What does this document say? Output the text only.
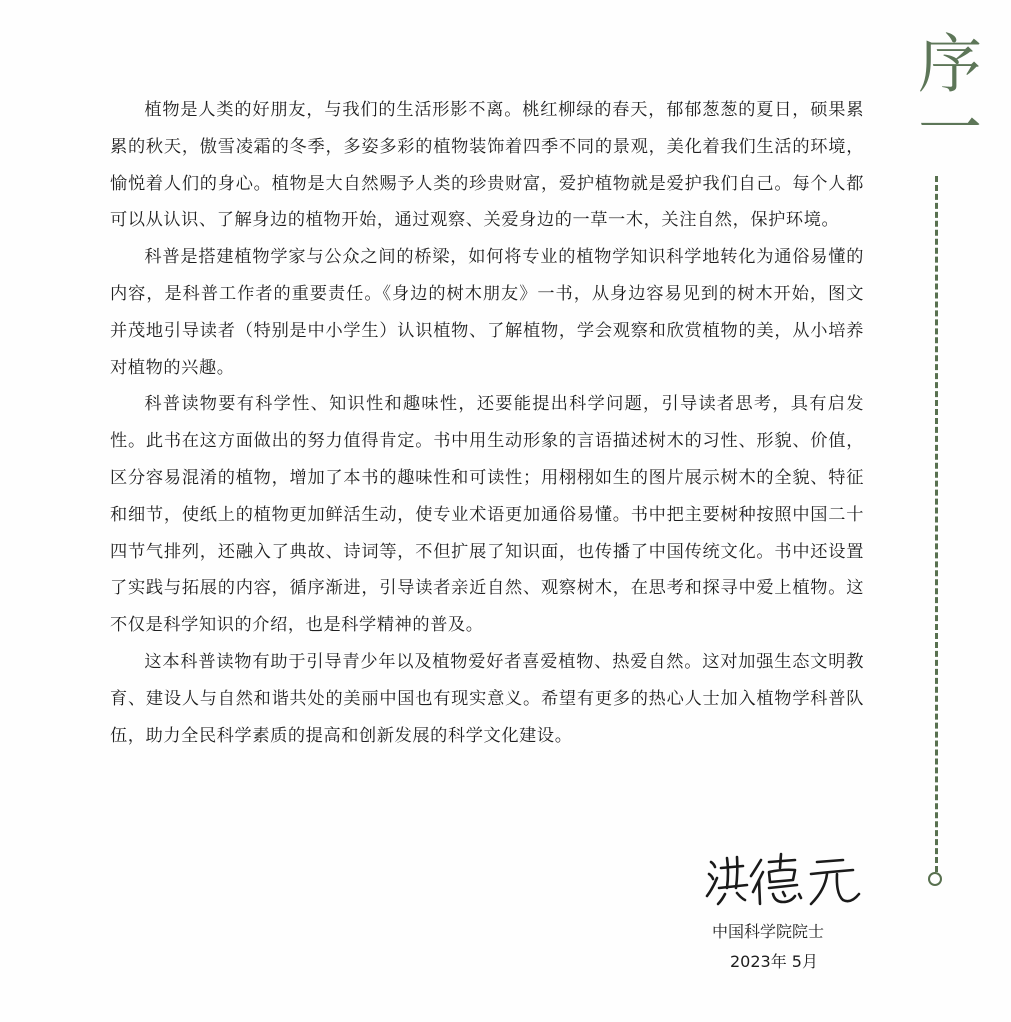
序一

植物是人类的好朋友，与我们的生活形影不离。桃红柳绿的春天，郁郁葱葱的夏日，硕果累累的秋天，傲雪凌霜的冬季，多姿多彩的植物装饰着四季不同的景观，美化着我们生活的环境，愉悦着人们的身心。植物是大自然赐予人类的珍贵财富，爱护植物就是爱护我们自己。每个人都可以从认识、了解身边的植物开始，通过观察、关爱身边的一草一木，关注自然，保护环境。

科普是搭建植物学家与公众之间的桥梁，如何将专业的植物学知识科学地转化为通俗易懂的内容，是科普工作者的重要责任。《身边的树木朋友》一书，从身边容易见到的树木开始，图文并茂地引导读者（特别是中小学生）认识植物、了解植物，学会观察和欣赏植物的美，从小培养对植物的兴趣。

科普读物要有科学性、知识性和趣味性，还要能提出科学问题，引导读者思考，具有启发性。此书在这方面做出的努力值得肯定。书中用生动形象的言语描述树木的习性、形貌、价值，区分容易混淆的植物，增加了本书的趣味性和可读性；用栩栩如生的图片展示树木的全貌、特征和细节，使纸上的植物更加鲜活生动，使专业术语更加通俗易懂。书中把主要树种按照中国二十四节气排列，还融入了典故、诗词等，不但扩展了知识面，也传播了中国传统文化。书中还设置了实践与拓展的内容，循序渐进，引导读者亲近自然、观察树木，在思考和探寻中爱上植物。这不仅是科学知识的介绍，也是科学精神的普及。

这本科普读物有助于引导青少年以及植物爱好者喜爱植物、热爱自然。这对加强生态文明教育、建设人与自然和谐共处的美丽中国也有现实意义。希望有更多的热心人士加入植物学科普队伍，助力全民科学素质的提高和创新发展的科学文化建设。

中国科学院院士
2023年 5月
